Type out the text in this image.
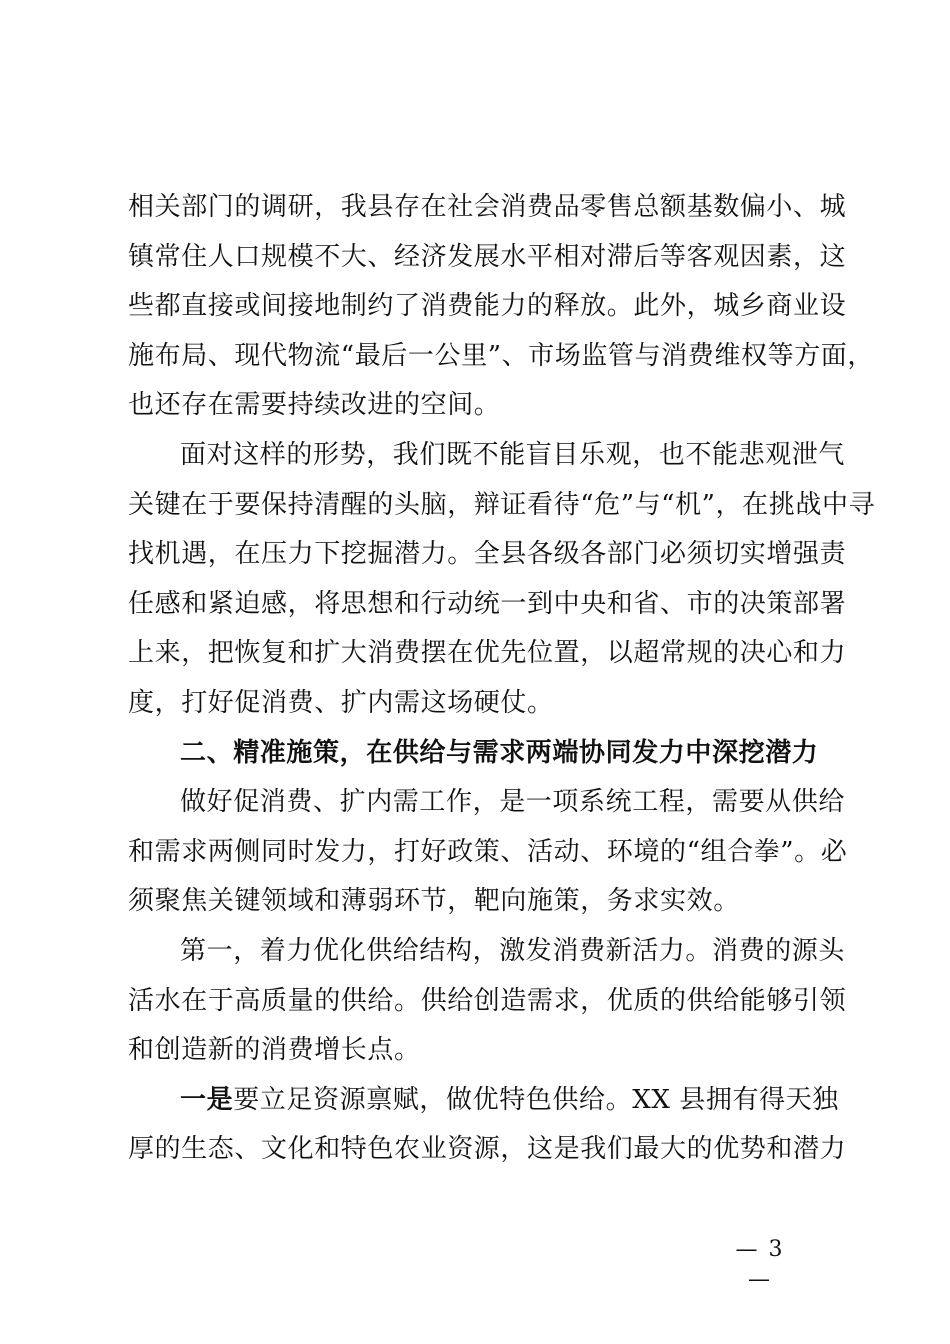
相关部门的调研，我县存在社会消费品零售总额基数偏小、城
镇常住人口规模不大、经济发展水平相对滞后等客观因素，这
些都直接或间接地制约了消费能力的释放。此外，城乡商业设
施布局、现代物流“最后一公里”、市场监管与消费维权等方面，
也还存在需要持续改进的空间。
面对这样的形势，我们既不能盲目乐观，也不能悲观泄气
关键在于要保持清醒的头脑，辩证看待“危”与“机”，在挑战中寻
找机遇，在压力下挖掘潜力。全县各级各部门必须切实增强责
任感和紧迫感，将思想和行动统一到中央和省、市的决策部署
上来，把恢复和扩大消费摆在优先位置，以超常规的决心和力
度，打好促消费、扩内需这场硬仗。
二、精准施策，在供给与需求两端协同发力中深挖潜力
做好促消费、扩内需工作，是一项系统工程，需要从供给
和需求两侧同时发力，打好政策、活动、环境的“组合拳”。必
须聚焦关键领域和薄弱环节，靶向施策，务求实效。
第一，着力优化供给结构，激发消费新活力。消费的源头
活水在于高质量的供给。供给创造需求，优质的供给能够引领
和创造新的消费增长点。
一是要立足资源禀赋，做优特色供给。XX 县拥有得天独
厚的生态、文化和特色农业资源，这是我们最大的优势和潜力
— 3 —
